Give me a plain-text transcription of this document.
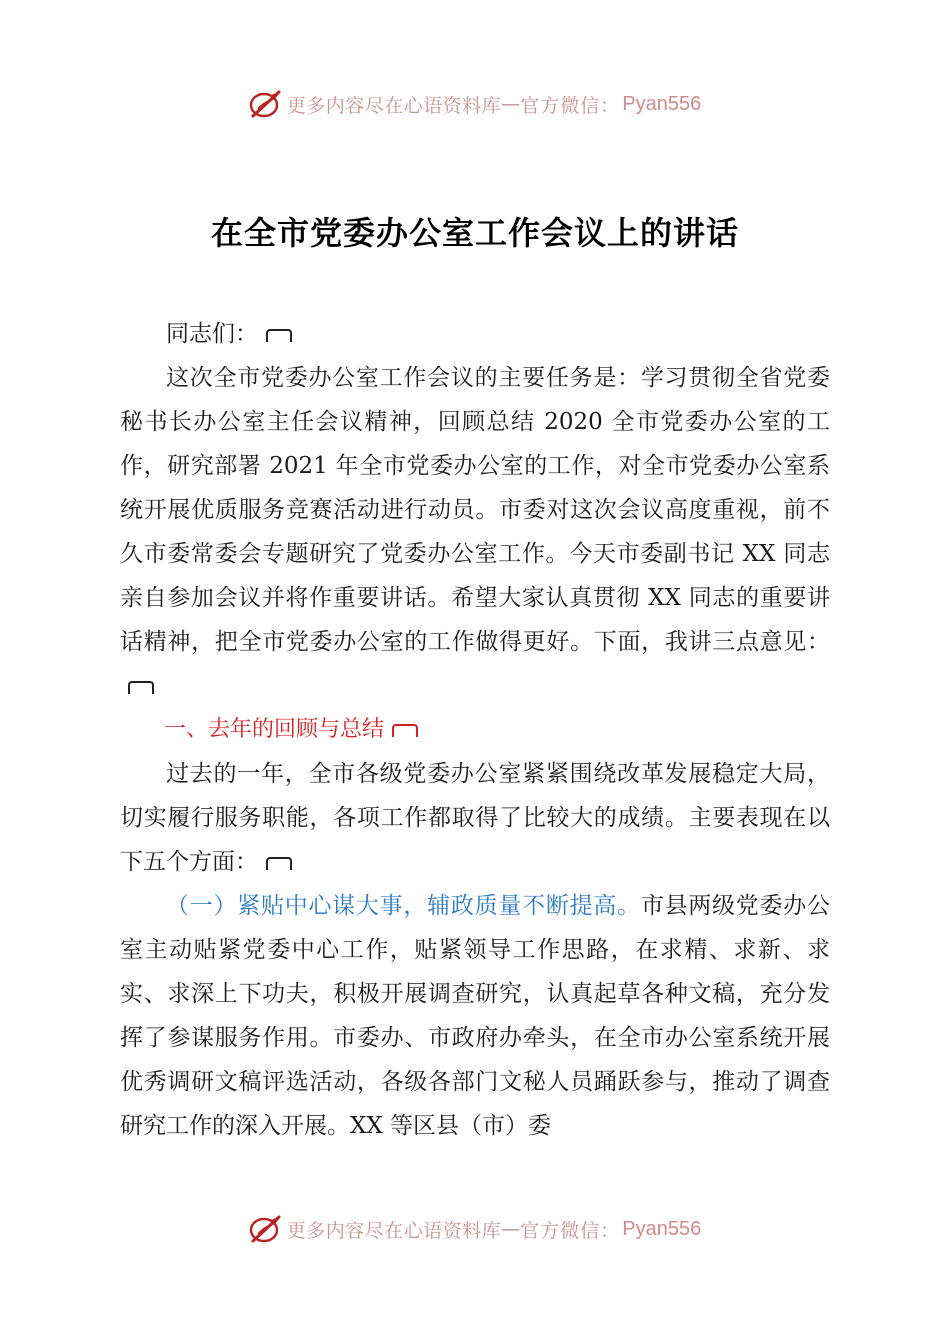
更多内容尽在心语资料库 — 官方微信： Pyan556
在全市党委办公室工作会议上的讲话

同志们：

这次全市党委办公室工作会议的主要任务是：学习贯彻全省党委秘书长办公室主任会议精神，回顾总结 2020 全市党委办公室的工作，研究部署 2021 年全市党委办公室的工作，对全市党委办公室系统开展优质服务竞赛活动进行动员。市委对这次会议高度重视，前不久市委常委会专题研究了党委办公室工作。今天市委副书记 XX 同志亲自参加会议并将作重要讲话。希望大家认真贯彻 XX 同志的重要讲话精神，把全市党委办公室的工作做得更好。下面，我讲三点意见：

一、去年的回顾与总结

过去的一年，全市各级党委办公室紧紧围绕改革发展稳定大局，切实履行服务职能，各项工作都取得了比较大的成绩。主要表现在以下五个方面：

（一）紧贴中心谋大事，辅政质量不断提高。市县两级党委办公室主动贴紧党委中心工作，贴紧领导工作思路，在求精、求新、求实、求深上下功夫，积极开展调查研究，认真起草各种文稿，充分发挥了参谋服务作用。市委办、市政府办牵头，在全市办公室系统开展优秀调研文稿评选活动，各级各部门文秘人员踊跃参与，推动了调查研究工作的深入开展。XX 等区县（市）委

更多内容尽在心语资料库 — 官方微信： Pyan556
